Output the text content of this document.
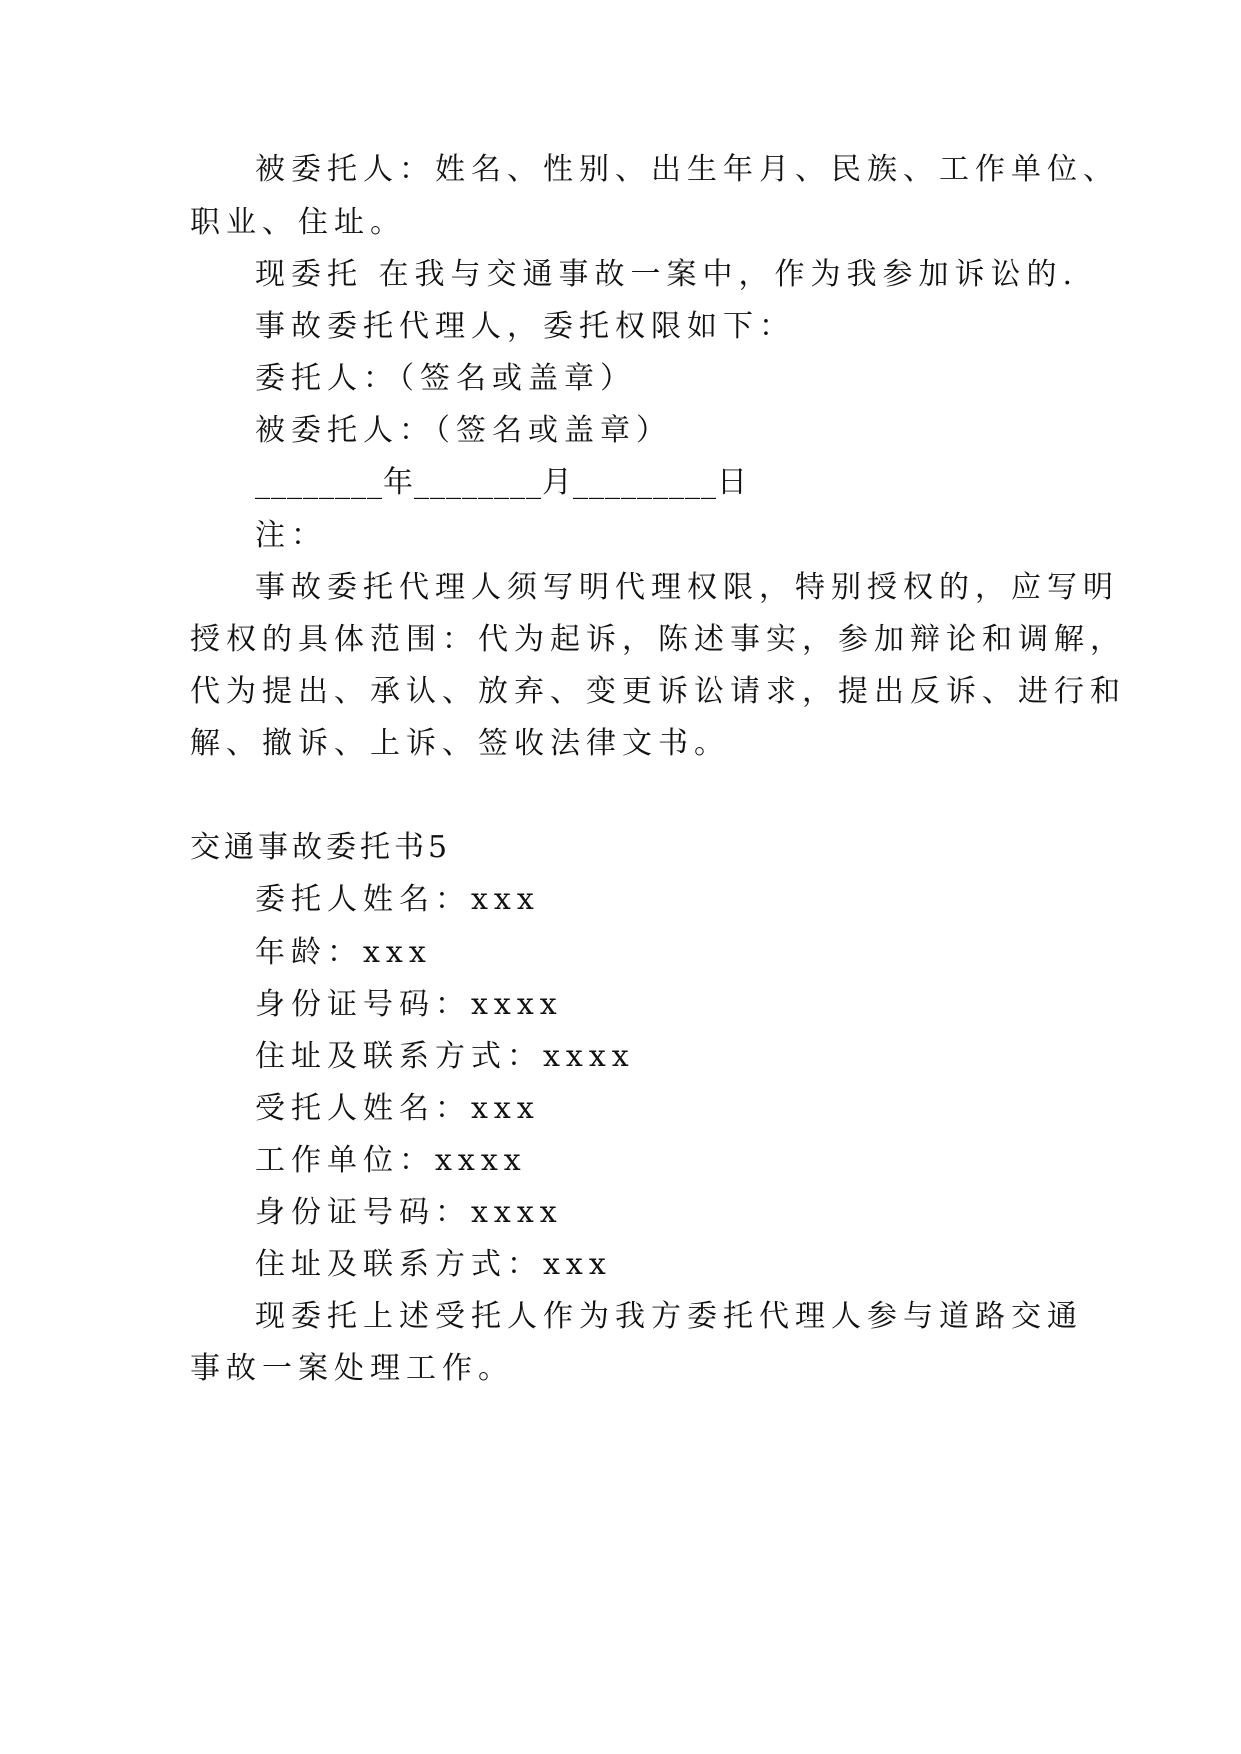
被委托人：姓名、性别、出生年月、民族、工作单位、
职业、住址。
现委托 在我与交通事故一案中，作为我参加诉讼的.
事故委托代理人，委托权限如下：
委托人：（签名或盖章）
被委托人：（签名或盖章）
________年________月_________日
注：
事故委托代理人须写明代理权限，特别授权的，应写明
授权的具体范围：代为起诉，陈述事实，参加辩论和调解，
代为提出、承认、放弃、变更诉讼请求，提出反诉、进行和
解、撤诉、上诉、签收法律文书。
交通事故委托书5
委托人姓名：xxx
年龄：xxx
身份证号码：xxxx
住址及联系方式：xxxx
受托人姓名：xxx
工作单位：xxxx
身份证号码：xxxx
住址及联系方式：xxx
现委托上述受托人作为我方委托代理人参与道路交通
事故一案处理工作。
